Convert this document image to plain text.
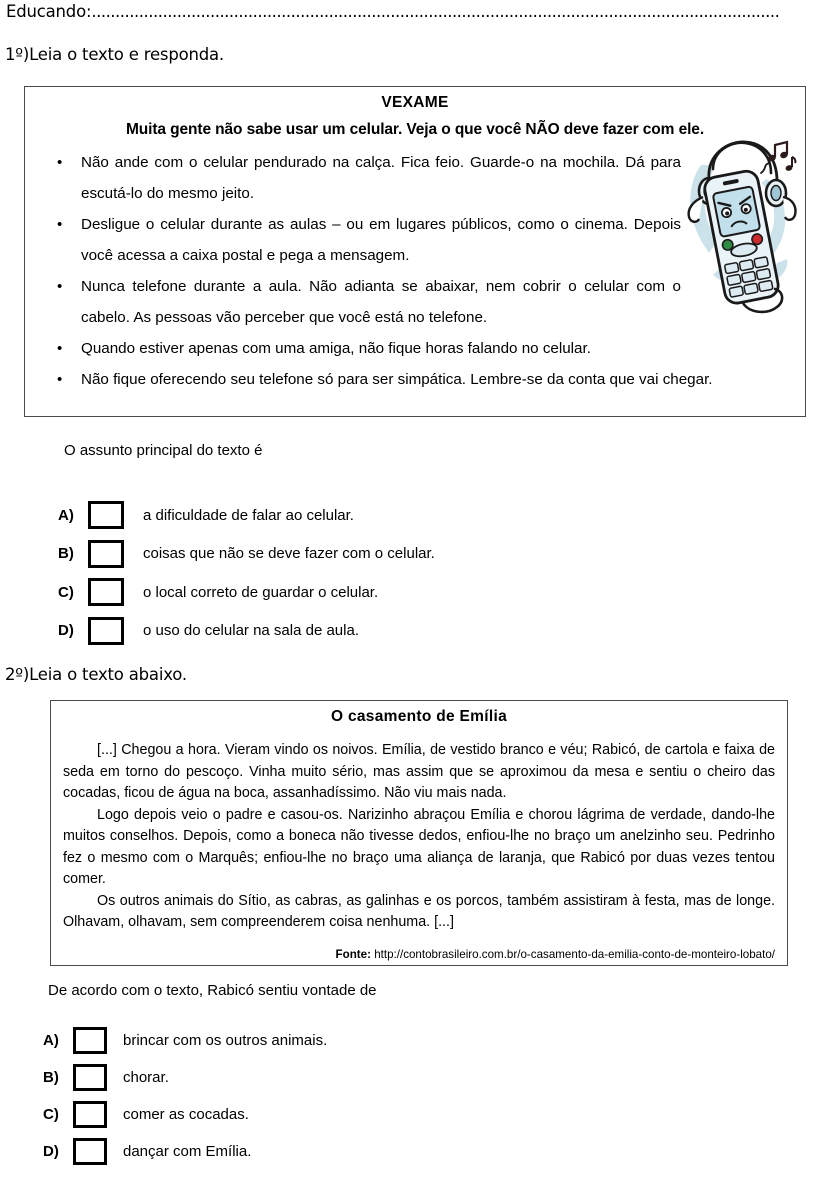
Educando:.................................................................................................................................................
1º)Leia o texto e responda.
VEXAME
Muita gente não sabe usar um celular. Veja o que você NÃO deve fazer com ele.
• Não ande com o celular pendurado na calça. Fica feio. Guarde-o na mochila. Dá para escutá-lo do mesmo jeito.
• Desligue o celular durante as aulas – ou em lugares públicos, como o cinema. Depois você acessa a caixa postal e pega a mensagem.
• Nunca telefone durante a aula. Não adianta se abaixar, nem cobrir o celular com o cabelo. As pessoas vão perceber que você está no telefone.
• Quando estiver apenas com uma amiga, não fique horas falando no celular.
• Não fique oferecendo seu telefone só para ser simpática. Lembre-se da conta que vai chegar.
O assunto principal do texto é
A)	a dificuldade de falar ao celular.
B)	coisas que não se deve fazer com o celular.
C)	o local correto de guardar o celular.
D)	o uso do celular na sala de aula.
2º)Leia o texto abaixo.
O casamento de Emília

[...] Chegou a hora. Vieram vindo os noivos. Emília, de vestido branco e véu; Rabicó, de cartola e faixa de seda em torno do pescoço. Vinha muito sério, mas assim que se aproximou da mesa e sentiu o cheiro das cocadas, ficou de água na boca, assanhadíssimo. Não viu mais nada.

Logo depois veio o padre e casou-os. Narizinho abraçou Emília e chorou lágrima de verdade, dando-lhe muitos conselhos. Depois, como a boneca não tivesse dedos, enfiou-lhe no braço um anelzinho seu. Pedrinho fez o mesmo com o Marquês; enfiou-lhe no braço uma aliança de laranja, que Rabicó por duas vezes tentou comer.

Os outros animais do Sítio, as cabras, as galinhas e os porcos, também assistiram à festa, mas de longe. Olhavam, olhavam, sem compreenderem coisa nenhuma. [...]

Fonte: http://contobrasileiro.com.br/o-casamento-da-emilia-conto-de-monteiro-lobato/
De acordo com o texto, Rabicó sentiu vontade de
A)	brincar com os outros animais.
B)	chorar.
C)	comer as cocadas.
D)	dançar com Emília.
